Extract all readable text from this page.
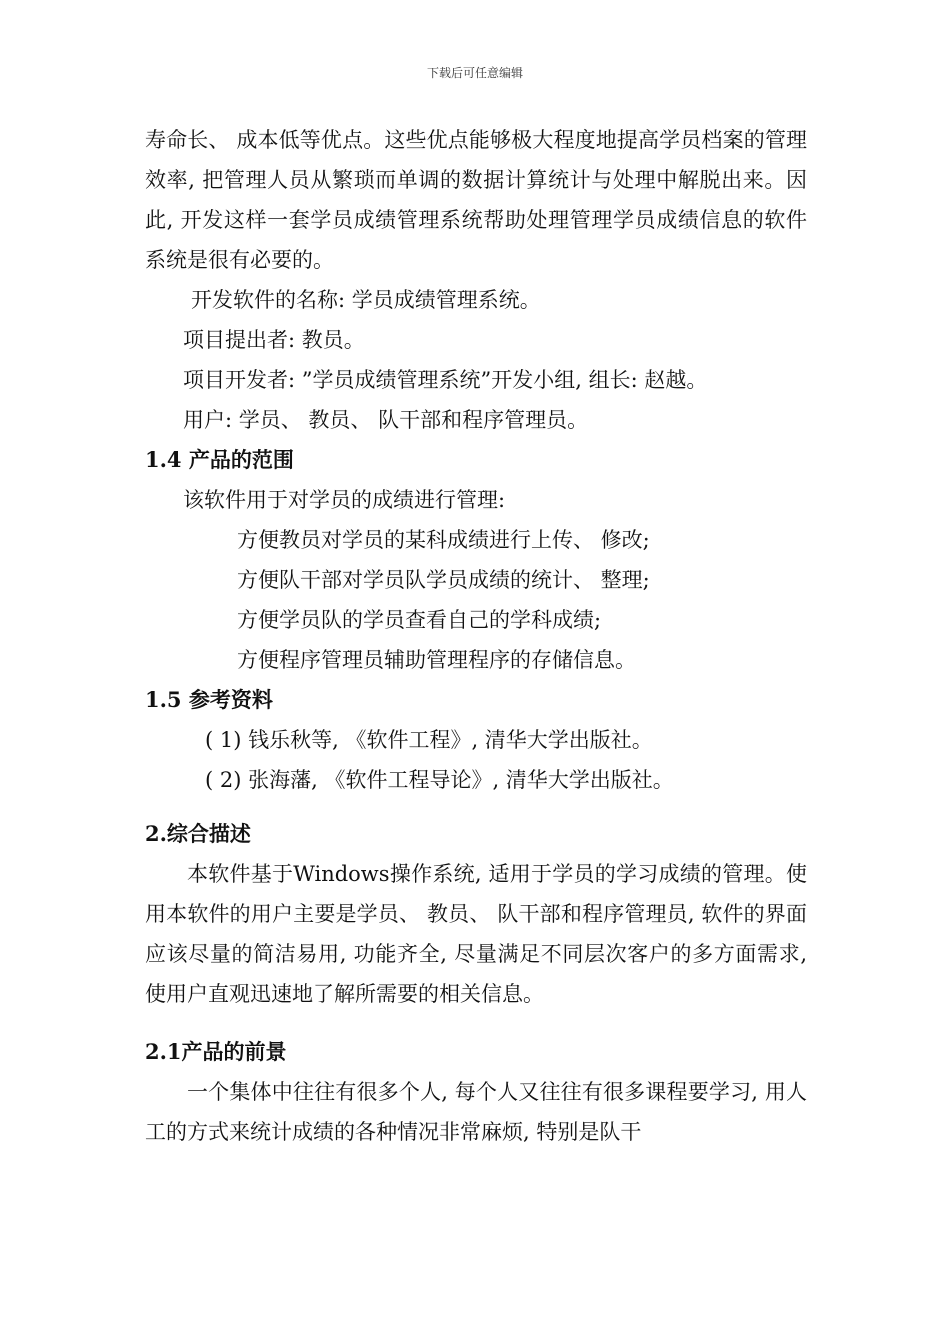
下载后可任意编辑

寿命长、 成本低等优点。这些优点能够极大程度地提高学员档案的管理效率, 把管理人员从繁琐而单调的数据计算统计与处理中解脱出来。因此, 开发这样一套学员成绩管理系统帮助处理管理学员成绩信息的软件系统是很有必要的。

开发软件的名称: 学员成绩管理系统。

项目提出者: 教员。

项目开发者: ”学员成绩管理系统”开发小组, 组长: 赵越。

用户: 学员、 教员、 队干部和程序管理员。

1.4 产品的范围

该软件用于对学员的成绩进行管理:

方便教员对学员的某科成绩进行上传、 修改;

方便队干部对学员队学员成绩的统计、 整理;

方便学员队的学员查看自己的学科成绩;

方便程序管理员辅助管理程序的存储信息。

1.5 参考资料

( 1) 钱乐秋等, 《软件工程》, 清华大学出版社。

( 2) 张海藩, 《软件工程导论》, 清华大学出版社。

2.综合描述

本软件基于Windows操作系统, 适用于学员的学习成绩的管理。使用本软件的用户主要是学员、 教员、 队干部和程序管理员, 软件的界面应该尽量的简洁易用, 功能齐全, 尽量满足不同层次客户的多方面需求, 使用户直观迅速地了解所需要的相关信息。

2.1产品的前景

一个集体中往往有很多个人, 每个人又往往有很多课程要学习, 用人工的方式来统计成绩的各种情况非常麻烦, 特别是队干
